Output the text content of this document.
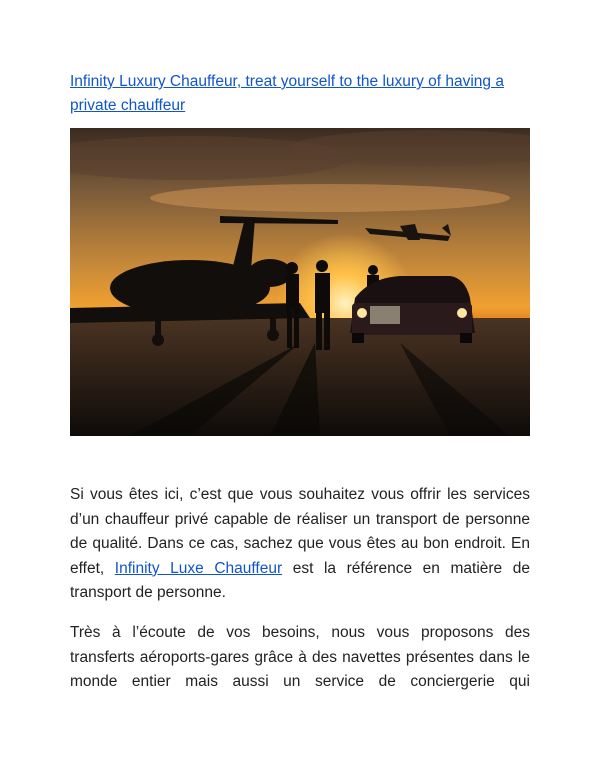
Infinity Luxury Chauffeur, treat yourself to the luxury of having a private chauffeur

Si vous êtes ici, c’est que vous souhaitez vous offrir les services d’un chauffeur privé capable de réaliser un transport de personne de qualité. Dans ce cas, sachez que vous êtes au bon endroit. En effet, Infinity Luxe Chauffeur est la référence en matière de transport de personne.

Très à l’écoute de vos besoins, nous vous proposons des transferts aéroports-gares grâce à des navettes présentes dans le monde entier mais aussi un service de conciergerie qui
